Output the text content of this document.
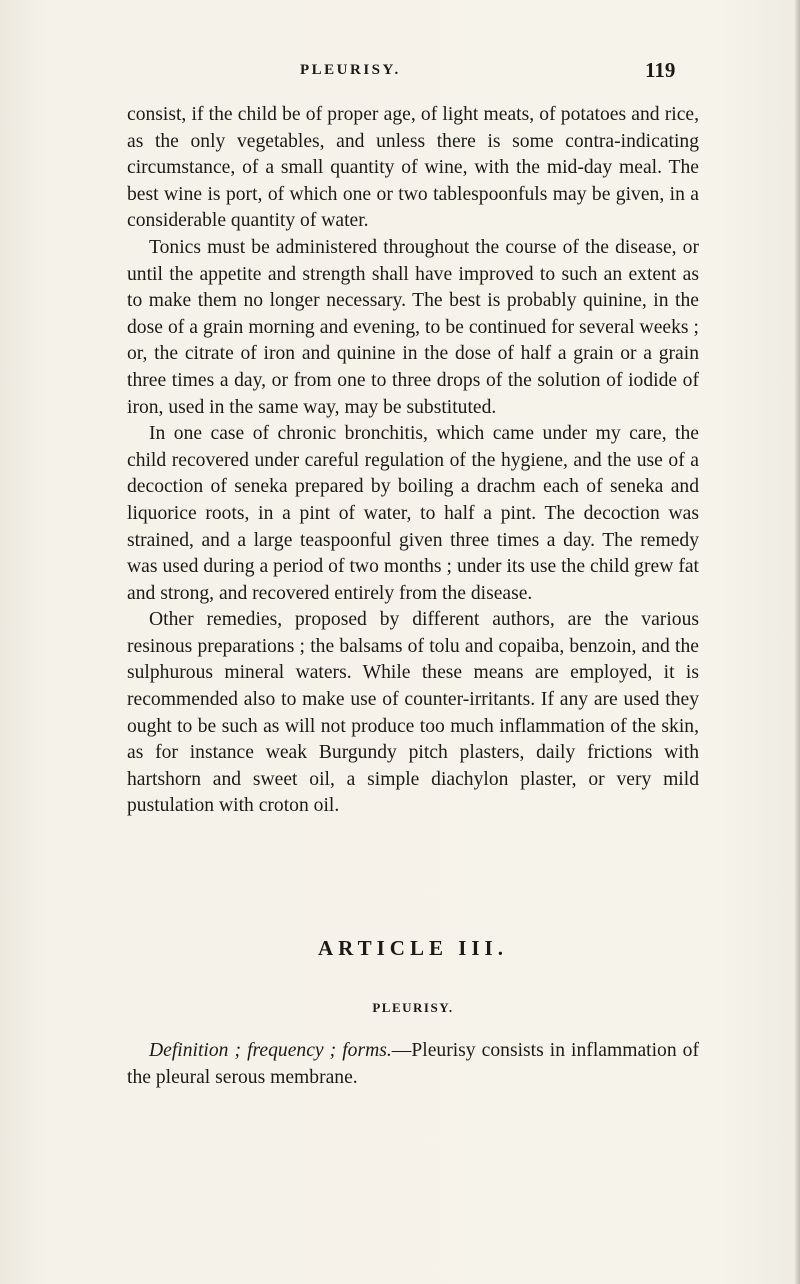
PLEURISY.	119

consist, if the child be of proper age, of light meats, of potatoes and rice, as the only vegetables, and unless there is some contra-indicating circumstance, of a small quantity of wine, with the mid-day meal. The best wine is port, of which one or two tablespoonfuls may be given, in a considerable quantity of water.

Tonics must be administered throughout the course of the disease, or until the appetite and strength shall have improved to such an extent as to make them no longer necessary. The best is probably quinine, in the dose of a grain morning and evening, to be continued for several weeks ; or, the citrate of iron and quinine in the dose of half a grain or a grain three times a day, or from one to three drops of the solution of iodide of iron, used in the same way, may be substituted.

In one case of chronic bronchitis, which came under my care, the child recovered under careful regulation of the hygiene, and the use of a decoction of seneka prepared by boiling a drachm each of seneka and liquorice roots, in a pint of water, to half a pint. The decoction was strained, and a large teaspoonful given three times a day. The remedy was used during a period of two months ; under its use the child grew fat and strong, and recovered entirely from the disease.

Other remedies, proposed by different authors, are the various resinous preparations ; the balsams of tolu and copaiba, benzoin, and the sulphurous mineral waters. While these means are employed, it is recommended also to make use of counter-irritants. If any are used they ought to be such as will not produce too much inflammation of the skin, as for instance weak Burgundy pitch plasters, daily frictions with hartshorn and sweet oil, a simple diachylon plaster, or very mild pustulation with croton oil.

ARTICLE III.
PLEURISY.
Definition ; frequency ; forms.—Pleurisy consists in inflammation of the pleural serous membrane.
